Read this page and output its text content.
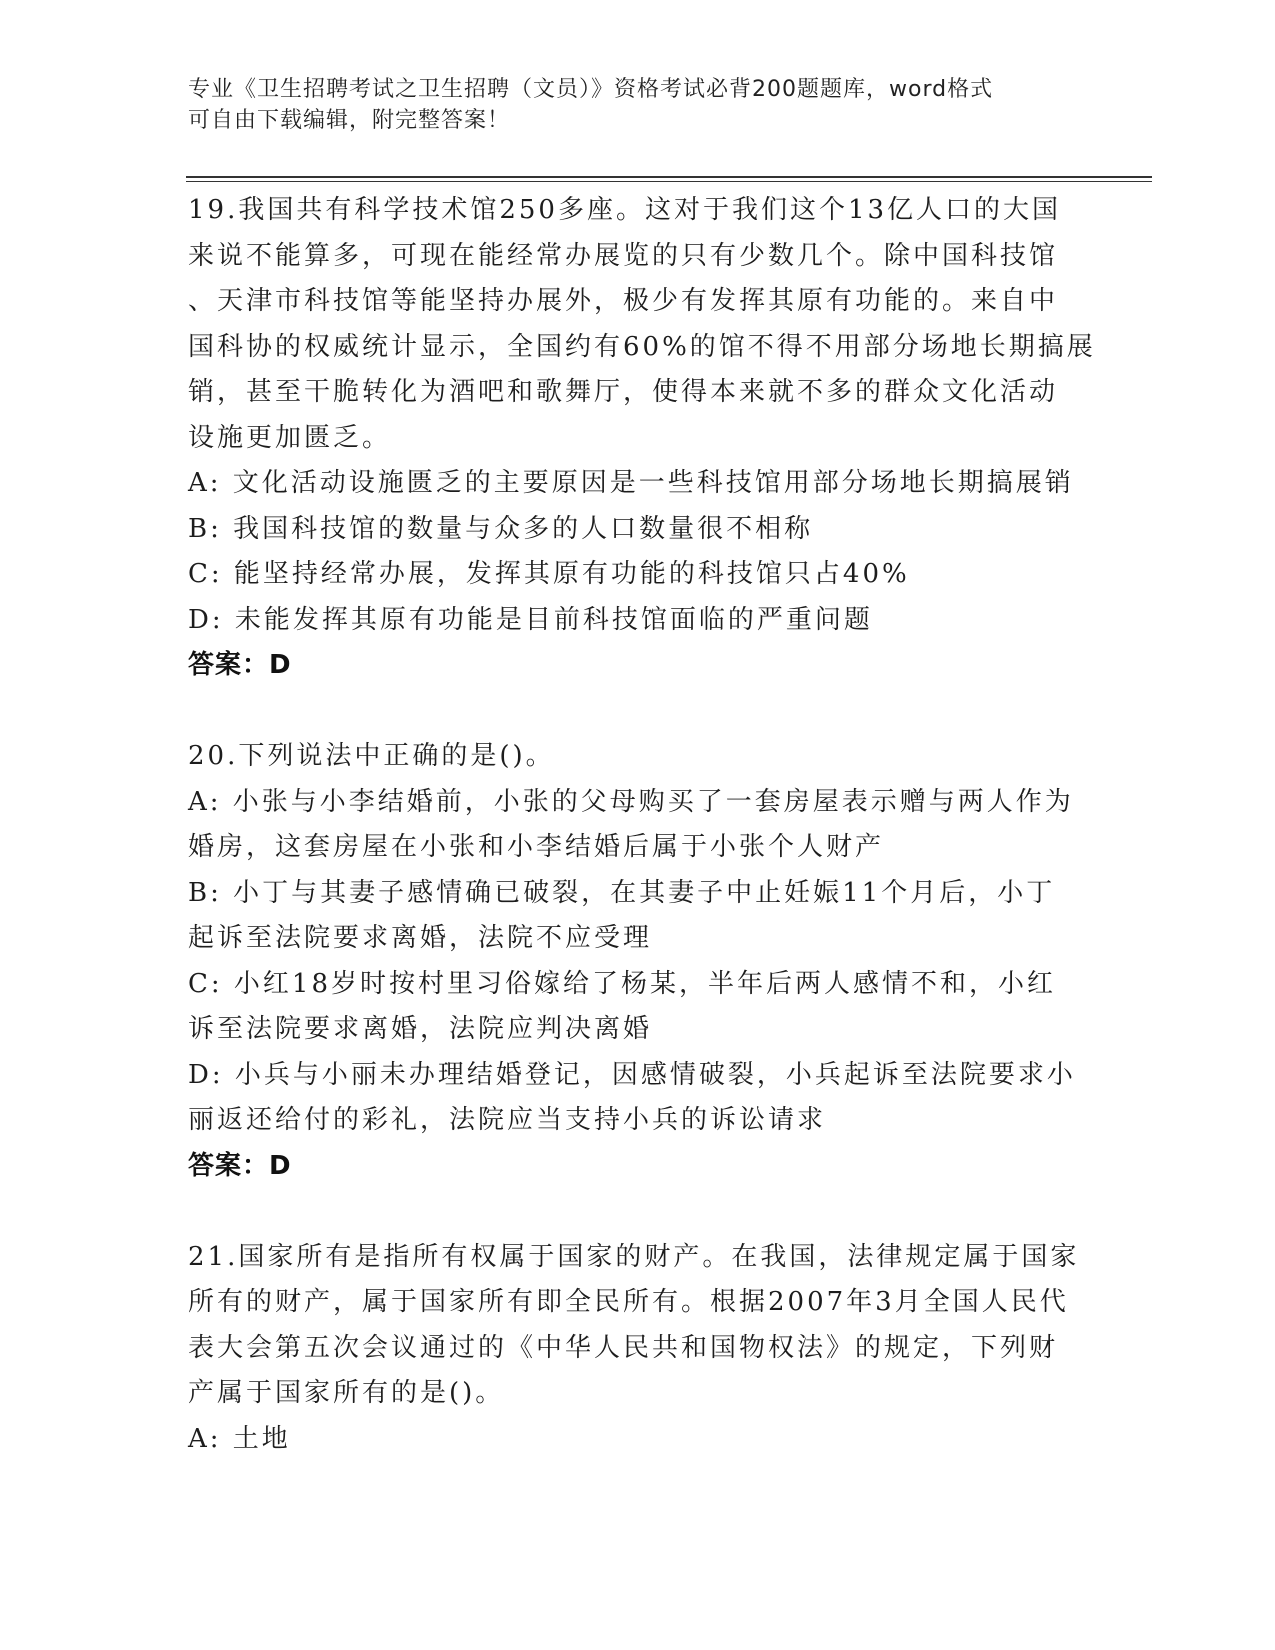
专业《卫生招聘考试之卫生招聘（文员）》资格考试必背200题题库，word格式
可自由下载编辑，附完整答案！
19.我国共有科学技术馆250多座。这对于我们这个13亿人口的大国
来说不能算多，可现在能经常办展览的只有少数几个。除中国科技馆
、天津市科技馆等能坚持办展外，极少有发挥其原有功能的。来自中
国科协的权威统计显示，全国约有60%的馆不得不用部分场地长期搞展
销，甚至干脆转化为酒吧和歌舞厅，使得本来就不多的群众文化活动
设施更加匮乏。
A: 文化活动设施匮乏的主要原因是一些科技馆用部分场地长期搞展销
B: 我国科技馆的数量与众多的人口数量很不相称
C: 能坚持经常办展，发挥其原有功能的科技馆只占40%
D: 未能发挥其原有功能是目前科技馆面临的严重问题
答案：D
20.下列说法中正确的是()。
A: 小张与小李结婚前，小张的父母购买了一套房屋表示赠与两人作为
婚房，这套房屋在小张和小李结婚后属于小张个人财产
B: 小丁与其妻子感情确已破裂，在其妻子中止妊娠11个月后，小丁
起诉至法院要求离婚，法院不应受理
C: 小红18岁时按村里习俗嫁给了杨某，半年后两人感情不和，小红
诉至法院要求离婚，法院应判决离婚
D: 小兵与小丽未办理结婚登记，因感情破裂，小兵起诉至法院要求小
丽返还给付的彩礼，法院应当支持小兵的诉讼请求
答案：D
21.国家所有是指所有权属于国家的财产。在我国，法律规定属于国家
所有的财产，属于国家所有即全民所有。根据2007年3月全国人民代
表大会第五次会议通过的《中华人民共和国物权法》的规定，下列财
产属于国家所有的是()。
A: 土地
